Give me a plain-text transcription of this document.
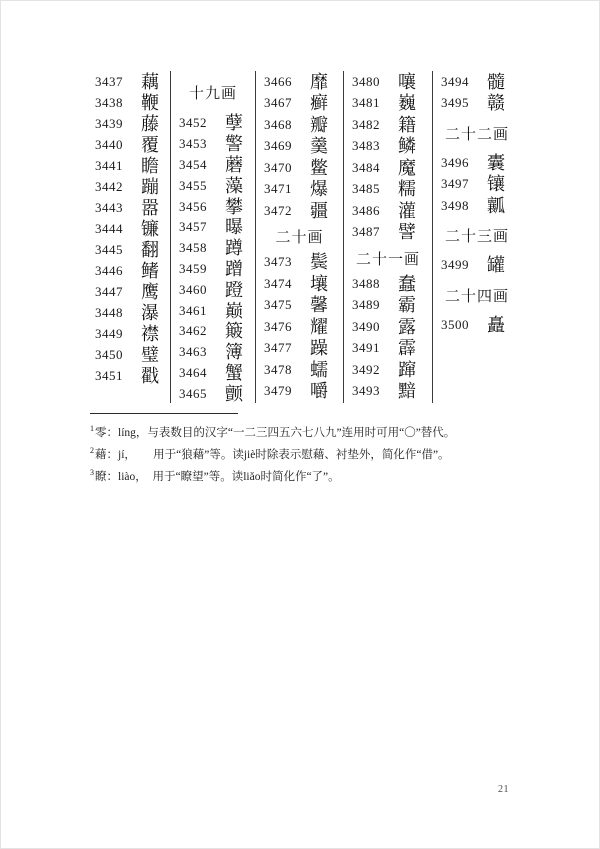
3437	藕
3438	鞭
3439	藤
3440	覆
3441	瞻
3442	蹦
3443	嚣
3444	镰
3445	翻
3446	鳍
3447	鹰
3448	瀑
3449	襟
3450	璧
3451	戳
十九画
3452	孽
3453	警
3454	蘑
3455	藻
3456	攀
3457	曝
3458	蹲
3459	蹭
3460	蹬
3461	巅
3462	簸
3463	簿
3464	蟹
3465	颤
3466	靡
3467	癣
3468	瓣
3469	羹
3470	鳖
3471	爆
3472	疆
二十画
3473	鬓
3474	壤
3475	馨
3476	耀
3477	躁
3478	蠕
3479	嚼
3480	嚷
3481	巍
3482	籍
3483	鳞
3484	魔
3485	糯
3486	灌
3487	譬
二十一画
3488	蠢
3489	霸
3490	露
3491	霹
3492	蹿
3493	黯
3494	髓
3495	赣
二十二画
3496	囊
3497	镶
3498	瓤
二十三画
3499	罐
二十四画
3500	矗
$^1$零：líng，与表数目的汉字“一二三四五六七八九”连用时可用“〇”替代。
$^2$藉：jí，　　用于“狼藉”等。读jiè时除表示慰藉、衬垫外，简化作“借”。
$^3$瞭：liào，　用于“瞭望”等。读liǎo时简化作“了”。
21
